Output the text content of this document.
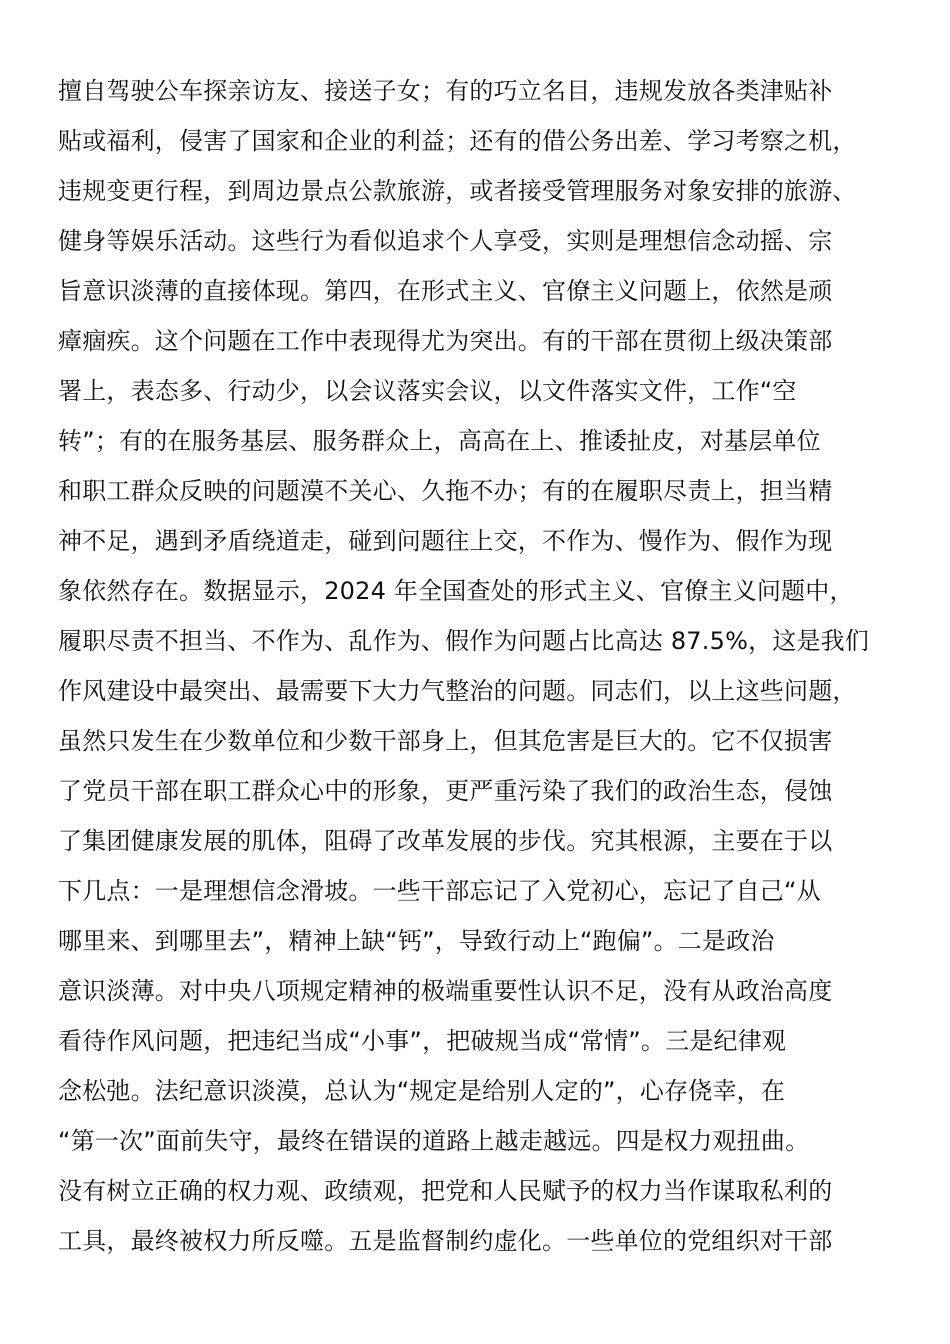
擅自驾驶公车探亲访友、接送子女；有的巧立名目，违规发放各类津贴补
贴或福利，侵害了国家和企业的利益；还有的借公务出差、学习考察之机，
违规变更行程，到周边景点公款旅游，或者接受管理服务对象安排的旅游、
健身等娱乐活动。这些行为看似追求个人享受，实则是理想信念动摇、宗
旨意识淡薄的直接体现。第四，在形式主义、官僚主义问题上，依然是顽
瘴痼疾。这个问题在工作中表现得尤为突出。有的干部在贯彻上级决策部
署上，表态多、行动少，以会议落实会议，以文件落实文件，工作“空
转”；有的在服务基层、服务群众上，高高在上、推诿扯皮，对基层单位
和职工群众反映的问题漠不关心、久拖不办；有的在履职尽责上，担当精
神不足，遇到矛盾绕道走，碰到问题往上交，不作为、慢作为、假作为现
象依然存在。数据显示，2024 年全国查处的形式主义、官僚主义问题中，
履职尽责不担当、不作为、乱作为、假作为问题占比高达 87.5%，这是我们
作风建设中最突出、最需要下大力气整治的问题。同志们，以上这些问题，
虽然只发生在少数单位和少数干部身上，但其危害是巨大的。它不仅损害
了党员干部在职工群众心中的形象，更严重污染了我们的政治生态，侵蚀
了集团健康发展的肌体，阻碍了改革发展的步伐。究其根源，主要在于以
下几点：一是理想信念滑坡。一些干部忘记了入党初心，忘记了自己“从
哪里来、到哪里去”，精神上缺“钙”，导致行动上“跑偏”。二是政治
意识淡薄。对中央八项规定精神的极端重要性认识不足，没有从政治高度
看待作风问题，把违纪当成“小事”，把破规当成“常情”。三是纪律观
念松弛。法纪意识淡漠，总认为“规定是给别人定的”，心存侥幸，在
“第一次”面前失守，最终在错误的道路上越走越远。四是权力观扭曲。
没有树立正确的权力观、政绩观，把党和人民赋予的权力当作谋取私利的
工具，最终被权力所反噬。五是监督制约虚化。一些单位的党组织对干部
